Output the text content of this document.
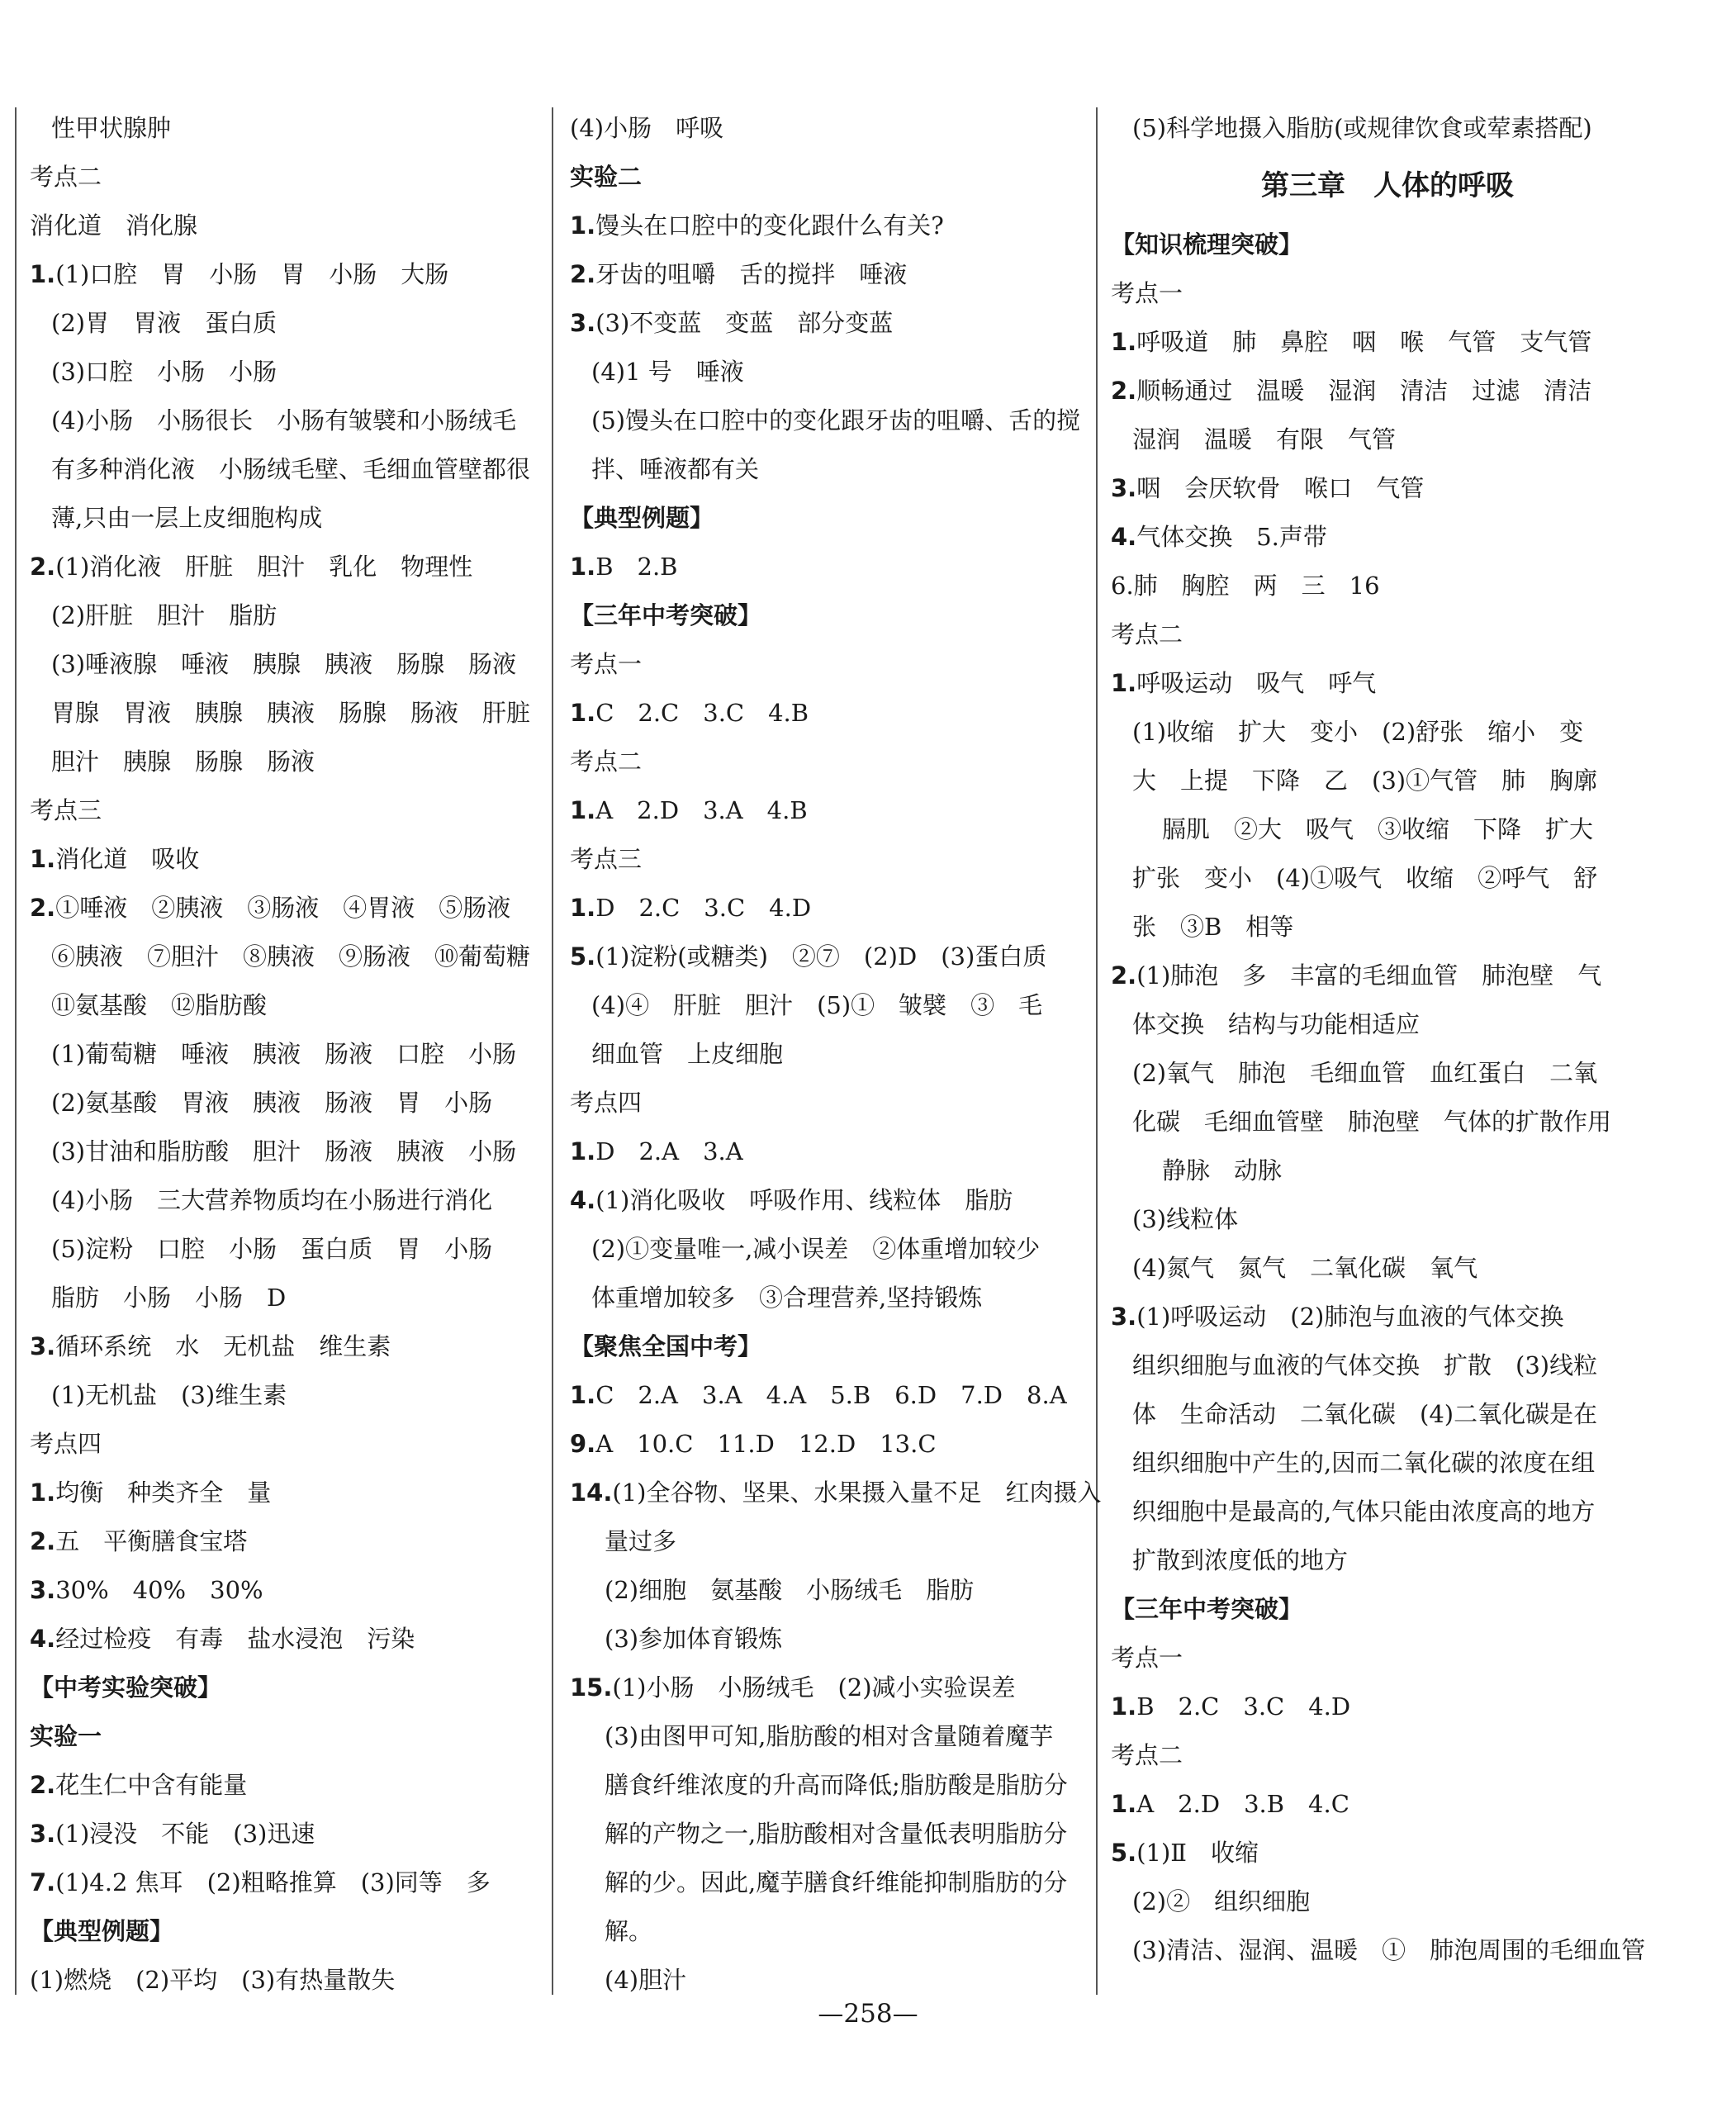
性甲状腺肿
考点二
消化道　消化腺
1.(1)口腔　胃　小肠　胃　小肠　大肠
(2)胃　胃液　蛋白质
(3)口腔　小肠　小肠
(4)小肠　小肠很长　小肠有皱襞和小肠绒毛
有多种消化液　小肠绒毛壁、毛细血管壁都很
薄,只由一层上皮细胞构成
2.(1)消化液　肝脏　胆汁　乳化　物理性
(2)肝脏　胆汁　脂肪
(3)唾液腺　唾液　胰腺　胰液　肠腺　肠液
胃腺　胃液　胰腺　胰液　肠腺　肠液　肝脏
胆汁　胰腺　肠腺　肠液
考点三
1.消化道　吸收
2.①唾液　②胰液　③肠液　④胃液　⑤肠液
⑥胰液　⑦胆汁　⑧胰液　⑨肠液　⑩葡萄糖
⑪氨基酸　⑫脂肪酸
(1)葡萄糖　唾液　胰液　肠液　口腔　小肠
(2)氨基酸　胃液　胰液　肠液　胃　小肠
(3)甘油和脂肪酸　胆汁　肠液　胰液　小肠
(4)小肠　三大营养物质均在小肠进行消化
(5)淀粉　口腔　小肠　蛋白质　胃　小肠
脂肪　小肠　小肠　D
3.循环系统　水　无机盐　维生素
(1)无机盐　(3)维生素
考点四
1.均衡　种类齐全　量
2.五　平衡膳食宝塔
3.30%　40%　30%
4.经过检疫　有毒　盐水浸泡　污染
【中考实验突破】
实验一
2.花生仁中含有能量
3.(1)浸没　不能　(3)迅速
7.(1)4.2 焦耳　(2)粗略推算　(3)同等　多
【典型例题】
(1)燃烧　(2)平均　(3)有热量散失
(4)小肠　呼吸
实验二
1.馒头在口腔中的变化跟什么有关?
2.牙齿的咀嚼　舌的搅拌　唾液
3.(3)不变蓝　变蓝　部分变蓝
(4)1 号　唾液
(5)馒头在口腔中的变化跟牙齿的咀嚼、舌的搅
拌、唾液都有关
【典型例题】
1.B　2.B
【三年中考突破】
考点一
1.C　2.C　3.C　4.B
考点二
1.A　2.D　3.A　4.B
考点三
1.D　2.C　3.C　4.D
5.(1)淀粉(或糖类)　②⑦　(2)D　(3)蛋白质
(4)④　肝脏　胆汁　(5)①　皱襞　③　毛
细血管　上皮细胞
考点四
1.D　2.A　3.A
4.(1)消化吸收　呼吸作用、线粒体　脂肪
(2)①变量唯一,减小误差　②体重增加较少
体重增加较多　③合理营养,坚持锻炼
【聚焦全国中考】
1.C　2.A　3.A　4.A　5.B　6.D　7.D　8.A
9.A　10.C　11.D　12.D　13.C
14.(1)全谷物、坚果、水果摄入量不足　红肉摄入
量过多
(2)细胞　氨基酸　小肠绒毛　脂肪
(3)参加体育锻炼
15.(1)小肠　小肠绒毛　(2)减小实验误差
(3)由图甲可知,脂肪酸的相对含量随着魔芋
膳食纤维浓度的升高而降低;脂肪酸是脂肪分
解的产物之一,脂肪酸相对含量低表明脂肪分
解的少。因此,魔芋膳食纤维能抑制脂肪的分
解。
(4)胆汁
(5)科学地摄入脂肪(或规律饮食或荤素搭配)
第三章　人体的呼吸
【知识梳理突破】
考点一
1.呼吸道　肺　鼻腔　咽　喉　气管　支气管
2.顺畅通过　温暖　湿润　清洁　过滤　清洁
湿润　温暖　有限　气管
3.咽　会厌软骨　喉口　气管
4.气体交换　5.声带
6.肺　胸腔　两　三　16
考点二
1.呼吸运动　吸气　呼气
(1)收缩　扩大　变小　(2)舒张　缩小　变
大　上提　下降　乙　(3)①气管　肺　胸廓
膈肌　②大　吸气　③收缩　下降　扩大
扩张　变小　(4)①吸气　收缩　②呼气　舒
张　③B　相等
2.(1)肺泡　多　丰富的毛细血管　肺泡壁　气
体交换　结构与功能相适应
(2)氧气　肺泡　毛细血管　血红蛋白　二氧
化碳　毛细血管壁　肺泡壁　气体的扩散作用
静脉　动脉
(3)线粒体
(4)氮气　氮气　二氧化碳　氧气
3.(1)呼吸运动　(2)肺泡与血液的气体交换
组织细胞与血液的气体交换　扩散　(3)线粒
体　生命活动　二氧化碳　(4)二氧化碳是在
组织细胞中产生的,因而二氧化碳的浓度在组
织细胞中是最高的,气体只能由浓度高的地方
扩散到浓度低的地方
【三年中考突破】
考点一
1.B　2.C　3.C　4.D
考点二
1.A　2.D　3.B　4.C
5.(1)Ⅱ　收缩
(2)②　组织细胞
(3)清洁、湿润、温暖　①　肺泡周围的毛细血管
—258—
